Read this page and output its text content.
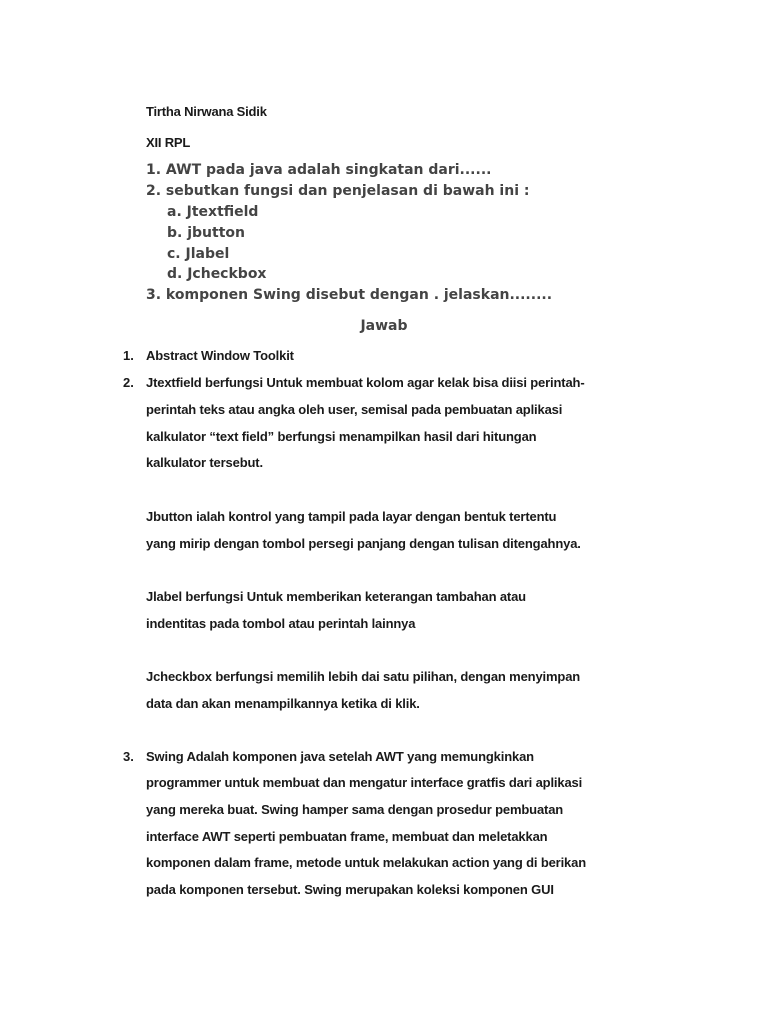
Tirtha Nirwana Sidik
XII RPL
1. AWT pada java adalah singkatan dari......
2. sebutkan fungsi dan penjelasan di bawah ini :
a. Jtextfield
b. jbutton
c. Jlabel
d. Jcheckbox
3. komponen Swing disebut dengan . jelaskan........
Jawab
1. Abstract Window Toolkit
2. Jtextfield berfungsi Untuk membuat kolom agar kelak bisa diisi perintah-
perintah teks atau angka oleh user, semisal pada pembuatan aplikasi
kalkulator “text field” berfungsi menampilkan hasil dari hitungan
kalkulator tersebut.
Jbutton ialah kontrol yang tampil pada layar dengan bentuk tertentu
yang mirip dengan tombol persegi panjang dengan tulisan ditengahnya.
Jlabel berfungsi Untuk memberikan keterangan tambahan atau
indentitas pada tombol atau perintah lainnya
Jcheckbox berfungsi memilih lebih dai satu pilihan, dengan menyimpan
data dan akan menampilkannya ketika di klik.
3. Swing Adalah komponen java setelah AWT yang memungkinkan
programmer untuk membuat dan mengatur interface gratfis dari aplikasi
yang mereka buat. Swing hamper sama dengan prosedur pembuatan
interface AWT seperti pembuatan frame, membuat dan meletakkan
komponen dalam frame, metode untuk melakukan action yang di berikan
pada komponen tersebut. Swing merupakan koleksi komponen GUI
